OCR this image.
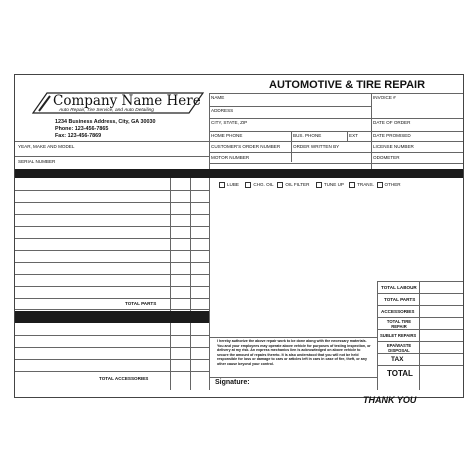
Company Name Here
Auto Repair, Tire Service, and Auto Detailing
1234 Business Address, City, GA 30030
Phone: 123-456-7865
Fax: 123-456-7869
AUTOMOTIVE & TIRE REPAIR
NAME
ADDRESS
CITY, STATE, ZIP
HOME PHONE	BUS. PHONE	EXT
CUSTOMER'S ORDER NUMBER	ORDER WRITTEN BY
MOTOR NUMBER
INVOICE #
DATE OF ORDER
DATE PROMISED
LICENSE NUMBER
ODOMETER
YEAR, MAKE AND MODEL
SERIAL NUMBER
LUBE	CHG. OIL	OIL FILTER	TUNE UP	TRANS. OTHER
TOTAL PARTS
TOTAL ACCESSORIES
TOTAL LABOUR
TOTAL PARTS
ACCESSORIES
TOTAL TIRE REPAIR
SUBLET REPAIRS
EPA/WASTE DISPOSAL
TAX
TOTAL
I hereby authorize the above repair work to be done along with the necessary materials. You and your employees may operate above vehicle for purposes of testing inspection, or delivery at my risk. An express mechanics lien is acknowledged on above vehicle to secure the amount of repairs thereto. It is also understood that you will not be held responsible for loss or damage to cars or articles left in cars in case of fire, theft, or any other cause beyond your control.
Signature:
THANK YOU
